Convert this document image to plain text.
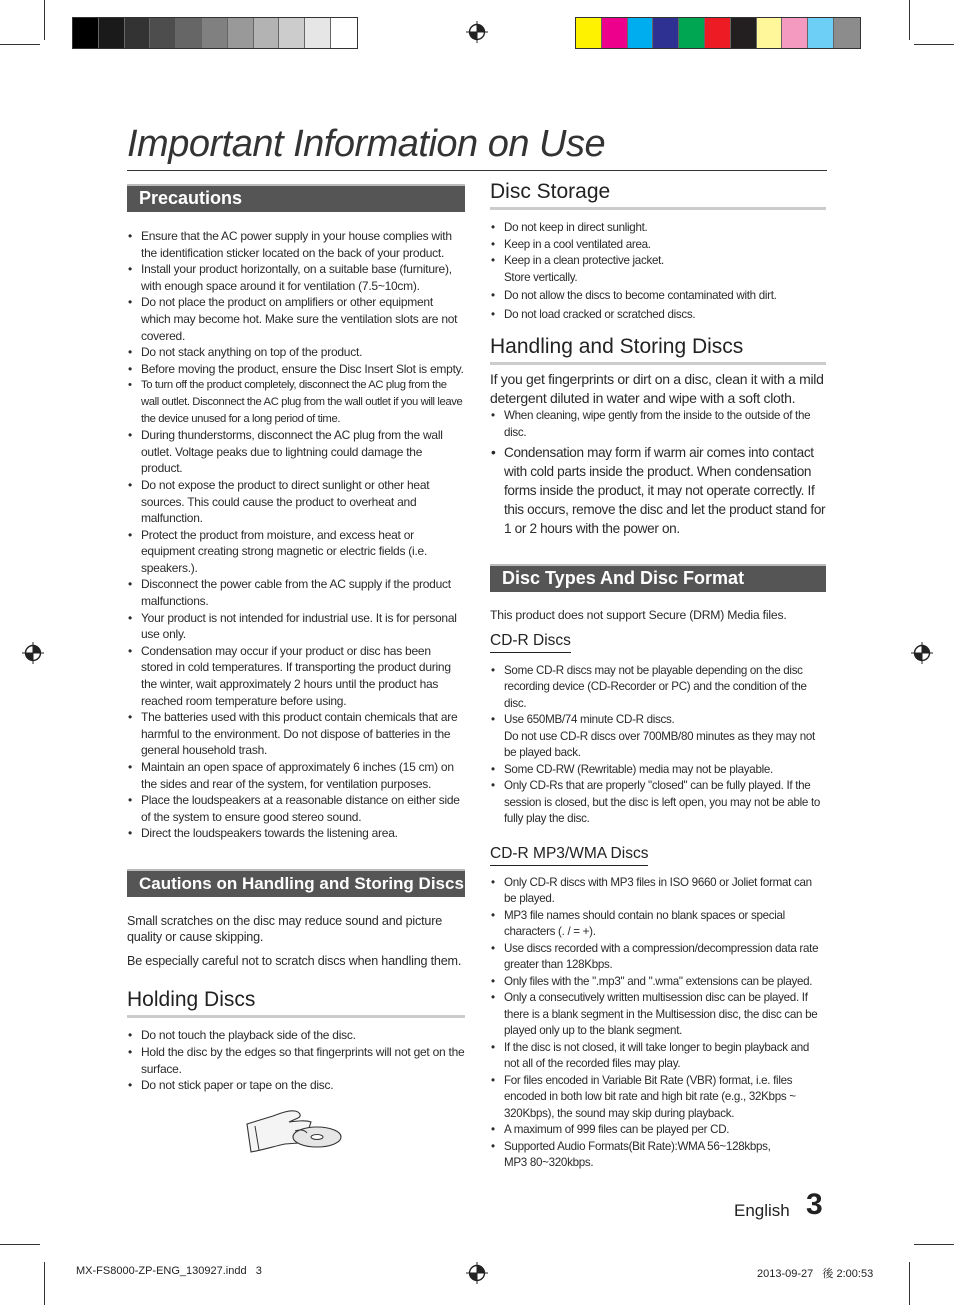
Important Information on Use
Precautions
• Ensure that the AC power supply in your house complies with the identification sticker located on the back of your product.
• Install your product horizontally, on a suitable base (furniture), with enough space around it for ventilation (7.5~10cm).
• Do not place the product on amplifiers or other equipment which may become hot. Make sure the ventilation slots are not covered.
• Do not stack anything on top of the product.
• Before moving the product, ensure the Disc Insert Slot is empty.
• To turn off the product completely, disconnect the AC plug from the wall outlet. Disconnect the AC plug from the wall outlet if you will leave the device unused for a long period of time.
• During thunderstorms, disconnect the AC plug from the wall outlet. Voltage peaks due to lightning could damage the product.
• Do not expose the product to direct sunlight or other heat sources. This could cause the product to overheat and malfunction.
• Protect the product from moisture, and excess heat or equipment creating strong magnetic or electric fields (i.e. speakers.).
• Disconnect the power cable from the AC supply if the product malfunctions.
• Your product is not intended for industrial use. It is for personal use only.
• Condensation may occur if your product or disc has been stored in cold temperatures. If transporting the product during the winter, wait approximately 2 hours until the product has reached room temperature before using.
• The batteries used with this product contain chemicals that are harmful to the environment. Do not dispose of batteries in the general household trash.
• Maintain an open space of approximately 6 inches (15 cm) on the sides and rear of the system, for ventilation purposes.
• Place the loudspeakers at a reasonable distance on either side of the system to ensure good stereo sound.
• Direct the loudspeakers towards the listening area.
Cautions on Handling and Storing Discs

Small scratches on the disc may reduce sound and picture quality or cause skipping.

Be especially careful not to scratch discs when handling them.

Holding Discs
• Do not touch the playback side of the disc.
• Hold the disc by the edges so that fingerprints will not get on the surface.
• Do not stick paper or tape on the disc.
Disc Storage
• Do not keep in direct sunlight.
• Keep in a cool ventilated area.
• Keep in a clean protective jacket.
Store vertically.
• Do not allow the discs to become contaminated with dirt.
• Do not load cracked or scratched discs.
Handling and Storing Discs

If you get fingerprints or dirt on a disc, clean it with a mild detergent diluted in water and wipe with a soft cloth.

• When cleaning, wipe gently from the inside to the outside of the disc.
• Condensation may form if warm air comes into contact with cold parts inside the product. When condensation forms inside the product, it may not operate correctly. If this occurs, remove the disc and let the product stand for 1 or 2 hours with the power on.
Disc Types And Disc Format

This product does not support Secure (DRM) Media files.

CD-R Discs
• Some CD-R discs may not be playable depending on the disc recording device (CD-Recorder or PC) and the condition of the disc.
• Use 650MB/74 minute CD-R discs.
Do not use CD-R discs over 700MB/80 minutes as they may not be played back.
• Some CD-RW (Rewritable) media may not be playable.
• Only CD-Rs that are properly "closed" can be fully played. If the session is closed, but the disc is left open, you may not be able to fully play the disc.
CD-R MP3/WMA Discs
• Only CD-R discs with MP3 files in ISO 9660 or Joliet format can be played.
• MP3 file names should contain no blank spaces or special characters (. / = +).
• Use discs recorded with a compression/decompression data rate greater than 128Kbps.
• Only files with the ".mp3" and ".wma" extensions can be played.
• Only a consecutively written multisession disc can be played. If there is a blank segment in the Multisession disc, the disc can be played only up to the blank segment.
• If the disc is not closed, it will take longer to begin playback and not all of the recorded files may play.
• For files encoded in Variable Bit Rate (VBR) format, i.e. files encoded in both low bit rate and high bit rate (e.g., 32Kbps ~ 320Kbps), the sound may skip during playback.
• A maximum of 999 files can be played per CD.
• Supported Audio Formats(Bit Rate):WMA 56~128kbps,
MP3 80~320kbps.
English 3
MX-FS8000-ZP-ENG_130927.indd   3	2013-09-27   後 2:00:53
